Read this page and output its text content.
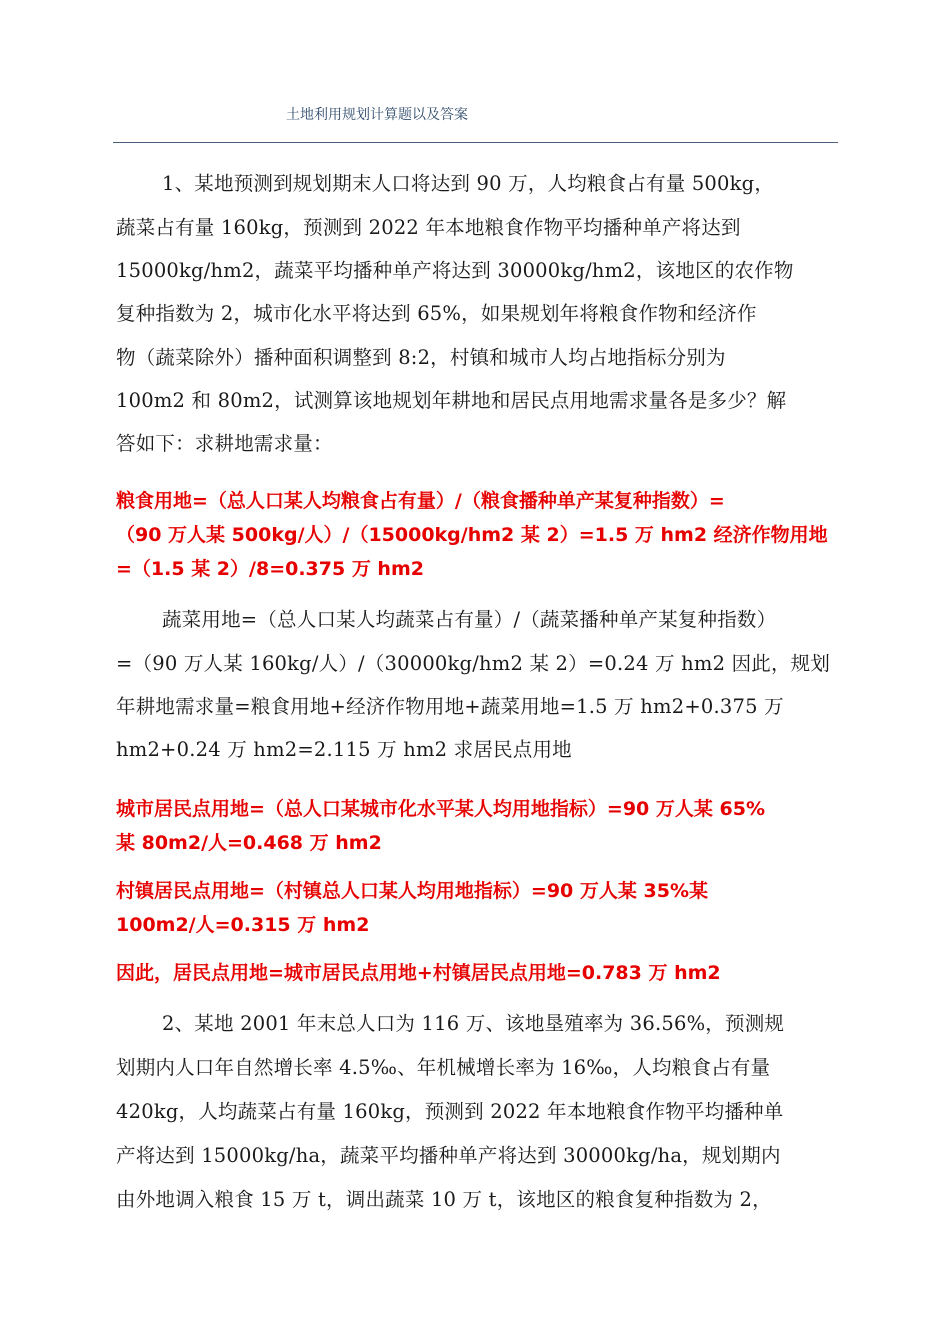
土地利用规划计算题以及答案
1、某地预测到规划期末人口将达到 90 万，人均粮食占有量 500kg，
蔬菜占有量 160kg，预测到 2022 年本地粮食作物平均播种单产将达到
15000kg/hm2，蔬菜平均播种单产将达到 30000kg/hm2，该地区的农作物
复种指数为 2，城市化水平将达到 65%，如果规划年将粮食作物和经济作
物（蔬菜除外）播种面积调整到 8:2，村镇和城市人均占地指标分别为
100m2 和 80m2，试测算该地规划年耕地和居民点用地需求量各是多少？解
答如下：求耕地需求量：
粮食用地=（总人口某人均粮食占有量）/（粮食播种单产某复种指数）=
（90 万人某 500kg/人）/（15000kg/hm2 某 2）=1.5 万 hm2 经济作物用地
=（1.5 某 2）/8=0.375 万 hm2
蔬菜用地=（总人口某人均蔬菜占有量）/（蔬菜播种单产某复种指数）
=（90 万人某 160kg/人）/（30000kg/hm2 某 2）=0.24 万 hm2 因此，规划
年耕地需求量=粮食用地+经济作物用地+蔬菜用地=1.5 万 hm2+0.375 万
hm2+0.24 万 hm2=2.115 万 hm2 求居民点用地
城市居民点用地=（总人口某城市化水平某人均用地指标）=90 万人某 65%
某 80m2/人=0.468 万 hm2
村镇居民点用地=（村镇总人口某人均用地指标）=90 万人某 35%某
100m2/人=0.315 万 hm2
因此，居民点用地=城市居民点用地+村镇居民点用地=0.783 万 hm2
2、某地 2001 年末总人口为 116 万、该地垦殖率为 36.56%，预测规
划期内人口年自然增长率 4.5‰、年机械增长率为 16‰，人均粮食占有量
420kg，人均蔬菜占有量 160kg，预测到 2022 年本地粮食作物平均播种单
产将达到 15000kg/ha，蔬菜平均播种单产将达到 30000kg/ha，规划期内
由外地调入粮食 15 万 t，调出蔬菜 10 万 t，该地区的粮食复种指数为 2，
